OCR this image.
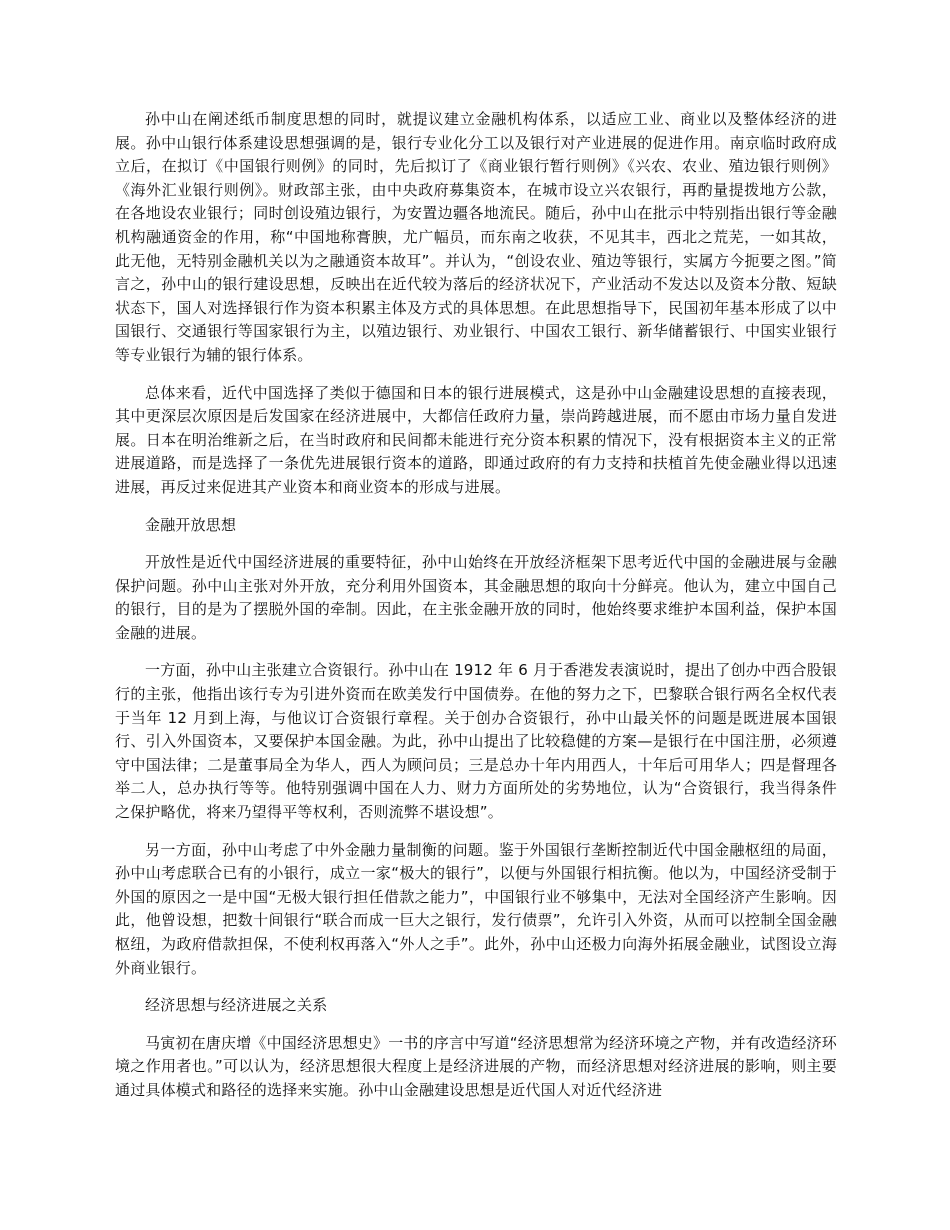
孙中山在阐述纸币制度思想的同时，就提议建立金融机构体系，以适应工业、商业以及整体经济的进展。孙中山银行体系建设思想强调的是，银行专业化分工以及银行对产业进展的促进作用。南京临时政府成立后，在拟订《中国银行则例》的同时，先后拟订了《商业银行暂行则例》《兴农、农业、殖边银行则例》《海外汇业银行则例》。财政部主张，由中央政府募集资本，在城市设立兴农银行，再酌量提拨地方公款，在各地设农业银行；同时创设殖边银行，为安置边疆各地流民。随后，孙中山在批示中特别指出银行等金融机构融通资金的作用，称“中国地称膏腴，尤广幅员，而东南之收获，不见其丰，西北之荒芜，一如其故，此无他，无特别金融机关以为之融通资本故耳”。并认为，“创设农业、殖边等银行，实属方今扼要之图。”简言之，孙中山的银行建设思想，反映出在近代较为落后的经济状况下，产业活动不发达以及资本分散、短缺状态下，国人对选择银行作为资本积累主体及方式的具体思想。在此思想指导下，民国初年基本形成了以中国银行、交通银行等国家银行为主，以殖边银行、劝业银行、中国农工银行、新华储蓄银行、中国实业银行等专业银行为辅的银行体系。

总体来看，近代中国选择了类似于德国和日本的银行进展模式，这是孙中山金融建设思想的直接表现，其中更深层次原因是后发国家在经济进展中，大都信任政府力量，崇尚跨越进展，而不愿由市场力量自发进展。日本在明治维新之后，在当时政府和民间都未能进行充分资本积累的情况下，没有根据资本主义的正常进展道路，而是选择了一条优先进展银行资本的道路，即通过政府的有力支持和扶植首先使金融业得以迅速进展，再反过来促进其产业资本和商业资本的形成与进展。

金融开放思想

开放性是近代中国经济进展的重要特征，孙中山始终在开放经济框架下思考近代中国的金融进展与金融保护问题。孙中山主张对外开放，充分利用外国资本，其金融思想的取向十分鲜亮。他认为，建立中国自己的银行，目的是为了摆脱外国的牵制。因此，在主张金融开放的同时，他始终要求维护本国利益，保护本国金融的进展。

一方面，孙中山主张建立合资银行。孙中山在 1912 年 6 月于香港发表演说时，提出了创办中西合股银行的主张，他指出该行专为引进外资而在欧美发行中国债券。在他的努力之下，巴黎联合银行两名全权代表于当年 12 月到上海，与他议订合资银行章程。关于创办合资银行，孙中山最关怀的问题是既进展本国银行、引入外国资本，又要保护本国金融。为此，孙中山提出了比较稳健的方案—是银行在中国注册，必须遵守中国法律；二是董事局全为华人，西人为顾问员；三是总办十年内用西人，十年后可用华人；四是督理各举二人，总办执行等等。他特别强调中国在人力、财力方面所处的劣势地位，认为“合资银行，我当得条件之保护略优，将来乃望得平等权利，否则流弊不堪设想”。

另一方面，孙中山考虑了中外金融力量制衡的问题。鉴于外国银行垄断控制近代中国金融枢纽的局面，孙中山考虑联合已有的小银行，成立一家“极大的银行”，以便与外国银行相抗衡。他以为，中国经济受制于外国的原因之一是中国“无极大银行担任借款之能力”，中国银行业不够集中，无法对全国经济产生影响。因此，他曾设想，把数十间银行“联合而成一巨大之银行，发行债票”，允许引入外资，从而可以控制全国金融枢纽，为政府借款担保，不使利权再落入“外人之手”。此外，孙中山还极力向海外拓展金融业，试图设立海外商业银行。

经济思想与经济进展之关系

马寅初在唐庆增《中国经济思想史》一书的序言中写道“经济思想常为经济环境之产物，并有改造经济环境之作用者也。”可以认为，经济思想很大程度上是经济进展的产物，而经济思想对经济进展的影响，则主要通过具体模式和路径的选择来实施。孙中山金融建设思想是近代国人对近代经济进
